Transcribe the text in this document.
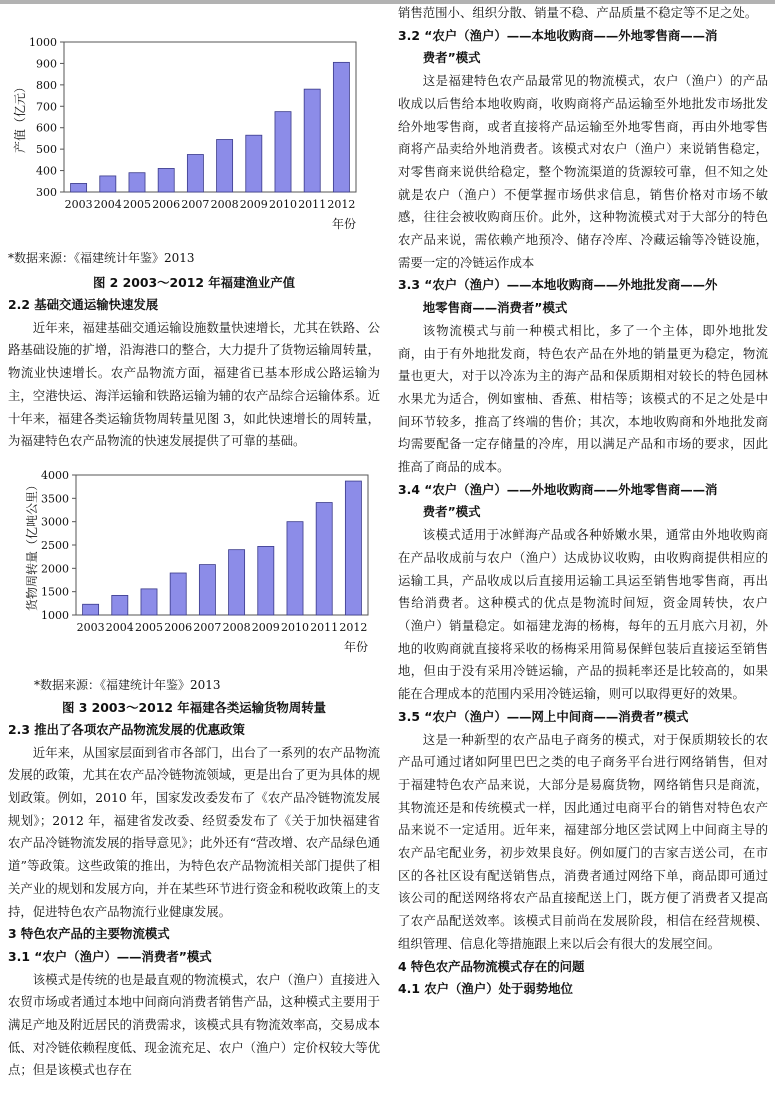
1000
900
800
700
600
500
400
300
2003 2004 2005 2006 2007 2008 2009 2010 2011 2012
产值（亿元）
年份
*数据来源：《福建统计年鉴》2013
图 2 2003～2012 年福建渔业产值
2.2 基础交通运输快速发展

近年来，福建基础交通运输设施数量快速增长，尤其在铁路、公路基础设施的扩增，沿海港口的整合，大力提升了货物运输周转量，物流业快速增长。农产品物流方面，福建省已基本形成公路运输为主，空港快运、海洋运输和铁路运输为辅的农产品综合运输体系。近十年来，福建各类运输货物周转量见图 3，如此快速增长的周转量，为福建特色农产品物流的快速发展提供了可靠的基础。

4000
3500
3000
2500
2000
1500
1000
2003 2004 2005 2006 2007 2008 2009 2010 2011 2012
货物周转量（亿吨公里）
年份
*数据来源：《福建统计年鉴》2013
图 3 2003～2012 年福建各类运输货物周转量
2.3 推出了各项农产品物流发展的优惠政策

近年来，从国家层面到省市各部门，出台了一系列的农产品物流发展的政策，尤其在农产品冷链物流领域，更是出台了更为具体的规划政策。例如，2010 年，国家发改委发布了《农产品冷链物流发展规划》；2012 年，福建省发改委、经贸委发布了《关于加快福建省农产品冷链物流发展的指导意见》；此外还有“营改增、农产品绿色通道”等政策。这些政策的推出，为特色农产品物流相关部门提供了相关产业的规划和发展方向，并在某些环节进行资金和税收政策上的支持，促进特色农产品物流行业健康发展。

3 特色农产品的主要物流模式
3.1 “农户（渔户）——消费者”模式

该模式是传统的也是最直观的物流模式，农户（渔户）直接进入农贸市场或者通过本地中间商向消费者销售产品，这种模式主要用于满足产地及附近居民的消费需求，该模式具有物流效率高，交易成本低、对冷链依赖程度低、现金流充足、农户（渔户）定价权较大等优点；但是该模式也存在

销售范围小、组织分散、销量不稳、产品质量不稳定等不足之处。

3.2 “农户（渔户）——本地收购商——外地零售商——消
费者”模式

这是福建特色农产品最常见的物流模式，农户（渔户）的产品收成以后售给本地收购商，收购商将产品运输至外地批发市场批发给外地零售商，或者直接将产品运输至外地零售商，再由外地零售商将产品卖给外地消费者。该模式对农户（渔户）来说销售稳定，对零售商来说供给稳定，整个物流渠道的货源较可靠，但不知之处就是农户（渔户）不便掌握市场供求信息，销售价格对市场不敏感，往往会被收购商压价。此外，这种物流模式对于大部分的特色农产品来说，需依赖产地预冷、储存冷库、冷藏运输等冷链设施，需要一定的冷链运作成本

3.3 “农户（渔户）——本地收购商——外地批发商——外
地零售商——消费者”模式

该物流模式与前一种模式相比，多了一个主体，即外地批发商，由于有外地批发商，特色农产品在外地的销量更为稳定，物流量也更大，对于以冷冻为主的海产品和保质期相对较长的特色园林水果尤为适合，例如蜜柚、香蕉、柑桔等；该模式的不足之处是中间环节较多，推高了终端的售价；其次，本地收购商和外地批发商均需要配备一定存储量的冷库，用以满足产品和市场的要求，因此推高了商品的成本。

3.4 “农户（渔户）——外地收购商——外地零售商——消
费者”模式

该模式适用于冰鲜海产品或各种娇嫩水果，通常由外地收购商在产品收成前与农户（渔户）达成协议收购，由收购商提供相应的运输工具，产品收成以后直接用运输工具运至销售地零售商，再出售给消费者。这种模式的优点是物流时间短，资金周转快，农户（渔户）销量稳定。如福建龙海的杨梅，每年的五月底六月初，外地的收购商就直接将采收的杨梅采用简易保鲜包装后直接运至销售地，但由于没有采用冷链运输，产品的损耗率还是比较高的，如果能在合理成本的范围内采用冷链运输，则可以取得更好的效果。

3.5 “农户（渔户）——网上中间商——消费者”模式

这是一种新型的农产品电子商务的模式，对于保质期较长的农产品可通过诸如阿里巴巴之类的电子商务平台进行网络销售，但对于福建特色农产品来说，大部分是易腐货物，网络销售只是商流，其物流还是和传统模式一样，因此通过电商平台的销售对特色农产品来说不一定适用。近年来，福建部分地区尝试网上中间商主导的农产品宅配业务，初步效果良好。例如厦门的吉家吉送公司，在市区的各社区设有配送销售点，消费者通过网络下单，商品即可通过该公司的配送网络将农产品直接配送上门，既方便了消费者又提高了农产品配送效率。该模式目前尚在发展阶段，相信在经营规模、组织管理、信息化等措施跟上来以后会有很大的发展空间。

4 特色农产品物流模式存在的问题
4.1 农户（渔户）处于弱势地位
